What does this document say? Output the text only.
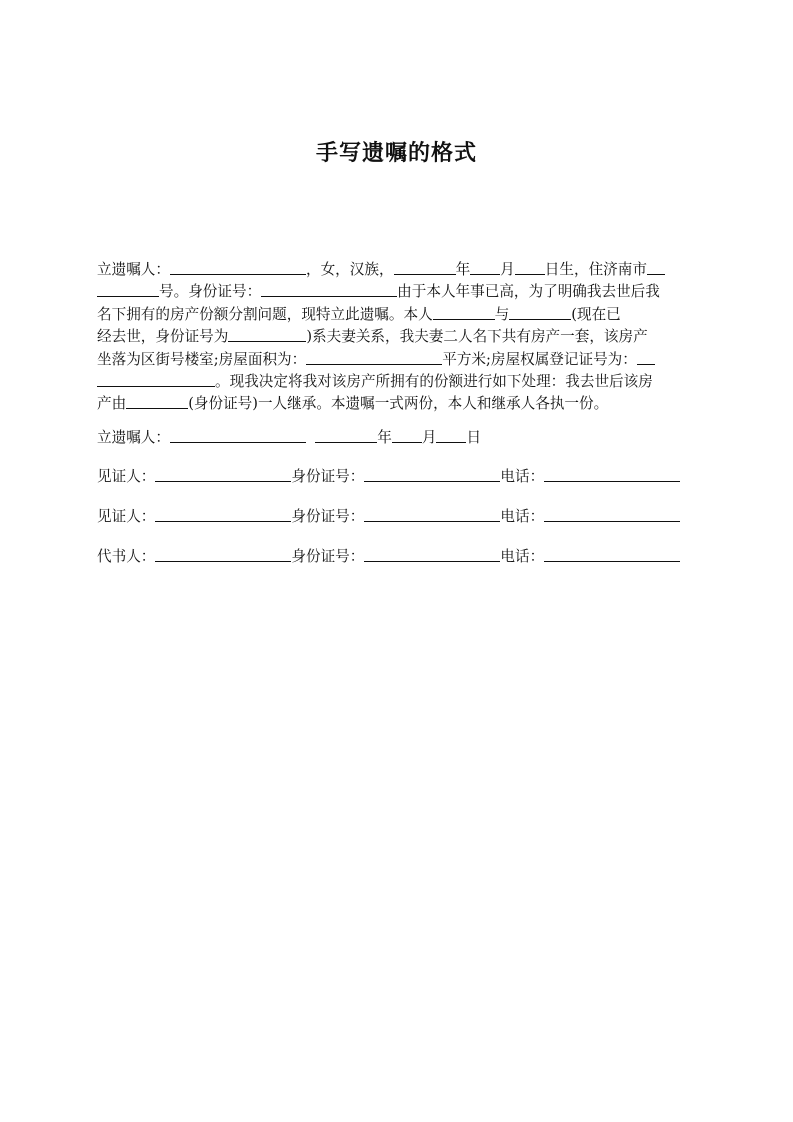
手写遗嘱的格式
立遗嘱人：	，女，汉族，	年 月 日生，住济南市
号。身份证号：	由于本人年事已高，为了明确我去世后我
名下拥有的房产份额分割问题，现特立此遗嘱。本人	与	(现在已
经去世，身份证号为	)系夫妻关系，我夫妻二人名下共有房产一套，该房产
坐落为区街号楼室;房屋面积为：	平方米;房屋权属登记证号为：
。现我决定将我对该房产所拥有的份额进行如下处理：我去世后该房
产由	(身份证号)一人继承。本遗嘱一式两份，本人和继承人各执一份。
立遗嘱人：	年 月 日
见证人：	身份证号：	电话：
见证人：	身份证号：	电话：
代书人：	身份证号：	电话：
